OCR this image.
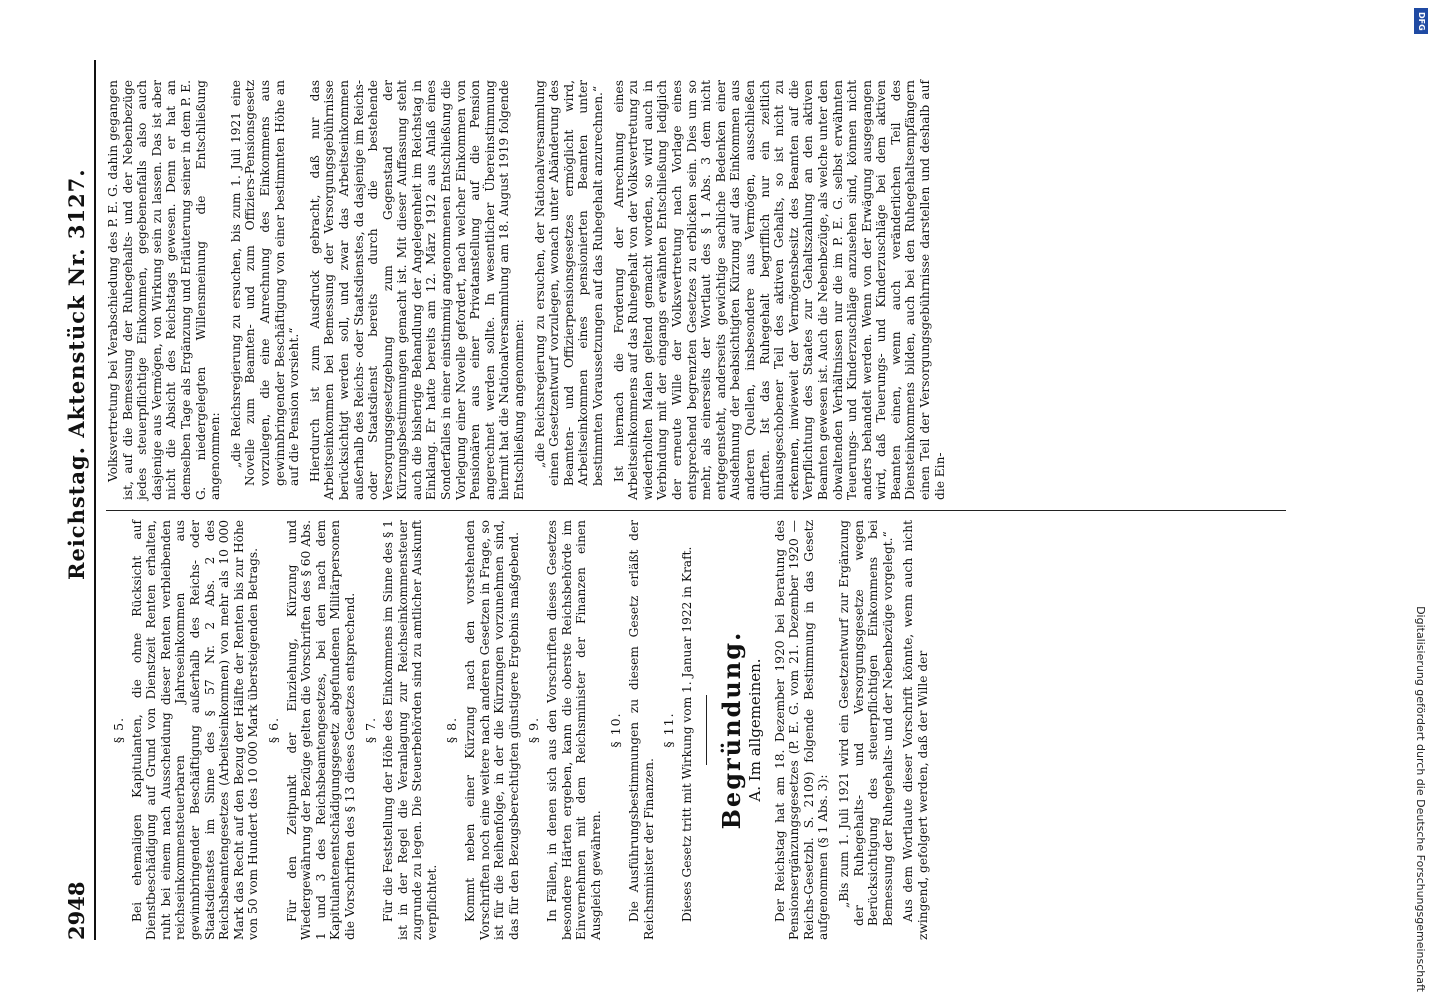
2948
Reichstag. Aktenstück Nr. 3127.
§ 5. Bei ehemaligen Kapitulanten, die ohne Rücksicht auf Dienstbeschädigung auf Grund von Dienstzeit Renten erhalten, ruht bei einem nach Ausscheidung dieser Renten verbleibenden reichseinkommensteuerbaren Jahreseinkommen aus gewinnbringender Beschäftigung außerhalb des Reichs- oder Staatsdienstes im Sinne des § 57 Nr. 2 Abs. 2 des Reichsbeamtengesetzes (Arbeitseinkommen) von mehr als 10 000 Mark das Recht auf den Bezug der Hälfte der Renten bis zur Höhe von 50 vom Hundert des 10 000 Mark übersteigenden Betrags. § 6. Für den Zeitpunkt der Einziehung, Kürzung und Wiedergewährung der Bezüge gelten die Vorschriften des § 60 Abs. 1 und 3 des Reichsbeamtengesetzes, bei den nach dem Kapitulantenentschädigungsgesetz abgefundenen Militärpersonen die Vorschriften des § 13 dieses Gesetzes entsprechend. § 7. Für die Feststellung der Höhe des Einkommens im Sinne des § 1 ist in der Regel die Veranlagung zur Reichseinkommensteuer zugrunde zu legen. Die Steuerbehörden sind zu amtlicher Auskunft verpflichtet.

§ 8. Kommt neben einer Kürzung nach den vorstehenden Vorschriften noch eine weitere nach anderen Gesetzen in Frage, so ist für die Reihenfolge, in der die Kürzungen vorzunehmen sind, das für den Bezugsberechtigten günstigere Ergebnis maßgebend. § 9. In Fällen, in denen sich aus den Vorschriften dieses Gesetzes besondere Härten ergeben, kann die oberste Reichsbehörde im Einvernehmen mit dem Reichsminister der Finanzen einen Ausgleich gewähren.

§ 10. Die Ausführungsbestimmungen zu diesem Gesetz erläßt der Reichsminister der Finanzen.

§ 11. Dieses Gesetz tritt mit Wirkung vom 1. Januar 1922 in Kraft. Begründung. A. Im allgemeinen. Der Reichstag hat am 18. Dezember 1920 bei Beratung des Pensionsergänzungsgesetzes (P. E. G. vom 21. Dezember 1920 — Reichs-Gesetzbl. S. 2109) folgende Bestimmung in das Gesetz aufgenommen (§ 1 Abs. 3): „Bis zum 1. Juli 1921 wird ein Gesetzentwurf zur Ergänzung der Ruhegehalts- und Versorgungsgesetze wegen Berücksichtigung des steuerpflichtigen Einkommens bei Bemessung der Ruhegehalts- und der Nebenbezüge vorgelegt.“ Aus dem Wortlaute dieser Vorschrift könnte, wenn auch nicht zwingend, gefolgert werden, daß der Wille der

Volksvertretung bei Verabschiedung des P. E. G. dahin gegangen ist, auf die Bemessung der Ruhegehalts- und der Nebenbezüge jedes steuerpflichtige Einkommen, gegebenenfalls also auch dasjenige aus Vermögen, von Wirkung sein zu lassen. Das ist aber nicht die Absicht des Reichstags gewesen. Denn er hat an demselben Tage als Ergänzung und Erläuterung seiner in dem P. E. G. niedergelegten Willensmeinung die Entschließung angenommen: „die Reichsregierung zu ersuchen, bis zum 1. Juli 1921 eine Novelle zum Beamten- und zum Offiziers-Pensionsgesetz vorzulegen, die eine Anrechnung des Einkommens aus gewinnbringender Beschäftigung von einer bestimmten Höhe an auf die Pension vorsieht.“ Hierdurch ist zum Ausdruck gebracht, daß nur das Arbeitseinkommen bei Bemessung der Versorgungsgebührnisse berücksichtigt werden soll, und zwar das Arbeitseinkommen außerhalb des Reichs- oder Staatsdienstes, da dasjenige im Reichs- oder Staatsdienst bereits durch die bestehende Versorgungsgesetzgebung zum Gegenstand der Kürzungsbestimmungen gemacht ist. Mit dieser Auffassung steht auch die bisherige Behandlung der Angelegenheit im Reichstag in Einklang. Er hatte bereits am 12. März 1912 aus Anlaß eines Sonderfalles in einer einstimmig angenommenen Entschließung die Vorlegung einer Novelle gefordert, nach welcher Einkommen von Pensionären aus einer Privatanstellung auf die Pension angerechnet werden sollte. In wesentlicher Übereinstimmung hiermit hat die Nationalversammlung am 18. August 1919 folgende Entschließung angenommen: „die Reichsregierung zu ersuchen, der Nationalversammlung einen Gesetzentwurf vorzulegen, wonach unter Abänderung des Beamten- und Offizierpensionsgesetzes ermöglicht wird, Arbeitseinkommen eines pensionierten Beamten unter bestimmten Voraussetzungen auf das Ruhegehalt anzurechnen.“ Ist hiernach die Forderung der Anrechnung eines Arbeitseinkommens auf das Ruhegehalt von der Volksvertretung zu wiederholten Malen geltend gemacht worden, so wird auch in Verbindung mit der eingangs erwähnten Entschließung lediglich der erneute Wille der Volksvertretung nach Vorlage eines entsprechend begrenzten Gesetzes zu erblicken sein. Dies um so mehr, als einerseits der Wortlaut des § 1 Abs. 3 dem nicht entgegensteht, anderseits gewichtige sachliche Bedenken einer Ausdehnung der beabsichtigten Kürzung auf das Einkommen aus anderen Quellen, insbesondere aus Vermögen, ausschließen dürften. Ist das Ruhegehalt begrifflich nur ein zeitlich hinausgeschobener Teil des aktiven Gehalts, so ist nicht zu erkennen, inwieweit der Vermögensbesitz des Beamten auf die Verpflichtung des Staates zur Gehaltszahlung an den aktiven Beamten gewesen ist. Auch die Nebenbezüge, als welche unter den obwaltenden Verhältnissen nur die im P. E. G. selbst erwähnten Teuerungs- und Kinderzuschläge anzusehen sind, können nicht anders behandelt werden. Wenn von der Erwägung ausgegangen wird, daß Teuerungs- und Kinderzuschläge bei dem aktiven Beamten einen, wenn auch veränderlichen Teil des Diensteinkommens bilden, auch bei den Ruhegehaltsempfängern einen Teil der Versorgungsgebührnisse darstellen und deshalb auf die Ein-

Digitalisierung gefördert durch die Deutsche Forschungsgemeinschaft
DFG
